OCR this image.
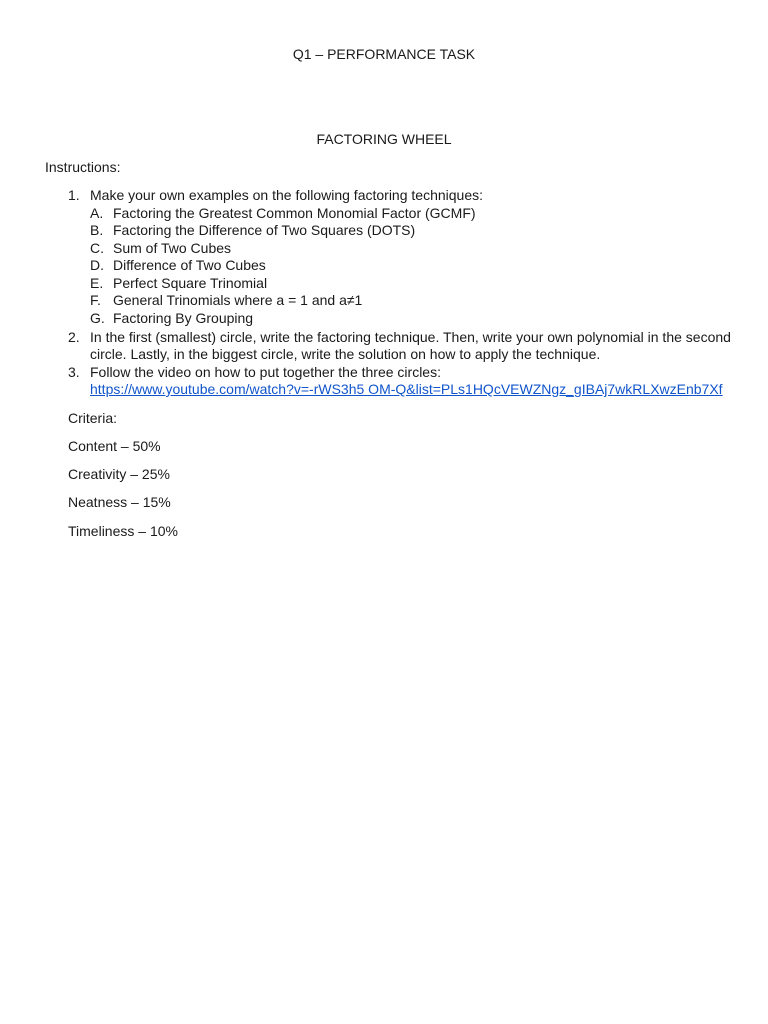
Q1 – PERFORMANCE TASK
FACTORING WHEEL
Instructions:
1. Make your own examples on the following factoring techniques:
A. Factoring the Greatest Common Monomial Factor (GCMF)
B. Factoring the Difference of Two Squares (DOTS)
C. Sum of Two Cubes
D. Difference of Two Cubes
E. Perfect Square Trinomial
F. General Trinomials where a = 1 and a≠1
G. Factoring By Grouping
2. In the first (smallest) circle, write the factoring technique. Then, write your own polynomial in the second
circle. Lastly, in the biggest circle, write the solution on how to apply the technique.
3. Follow the video on how to put together the three circles:
https://www.youtube.com/watch?v=-rWS3h5 OM-Q&list=PLs1HQcVEWZNgz_gIBAj7wkRLXwzEnb7Xf
Criteria:
Content – 50%
Creativity – 25%
Neatness – 15%
Timeliness – 10%
